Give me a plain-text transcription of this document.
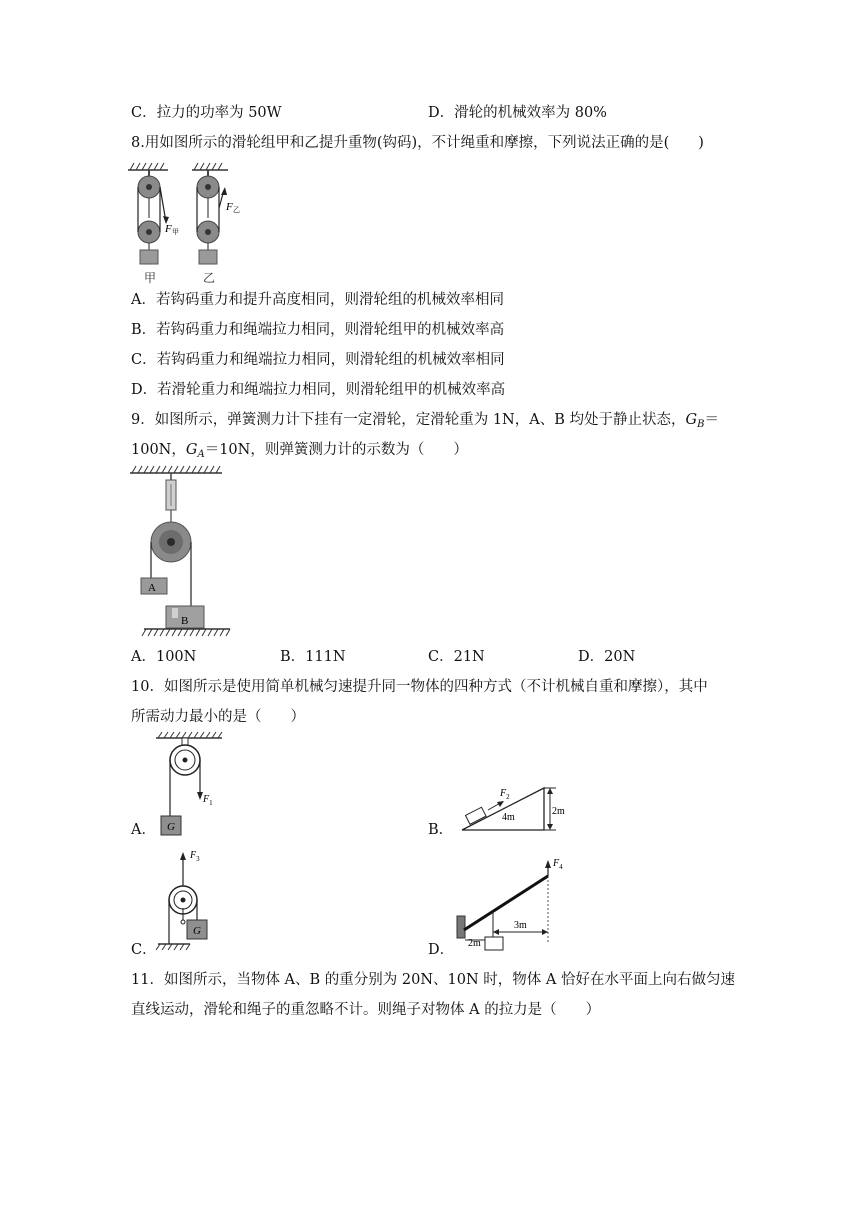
C．拉力的功率为 50W	D．滑轮的机械效率为 80%
8.用如图所示的滑轮组甲和乙提升重物(钩码)，不计绳重和摩擦，下列说法正确的是(　　)
F 甲
甲
F 乙
乙
A．若钩码重力和提升高度相同，则滑轮组的机械效率相同
B．若钩码重力和绳端拉力相同，则滑轮组甲的机械效率高
C．若钩码重力和绳端拉力相同，则滑轮组的机械效率相同
D．若滑轮重力和绳端拉力相同，则滑轮组甲的机械效率高
9．如图所示，弹簧测力计下挂有一定滑轮，定滑轮重为 1N，A、B 均处于静止状态，$G_B=$
100N，$G_A=10N$，则弹簧测力计的示数为（　　）
A
B
A．100N	B．111N	C．21N	D．20N
10．如图所示是使用简单机械匀速提升同一物体的四种方式（不计机械自重和摩擦），其中
所需动力最小的是（　　）
A．
$F_1$
G	B．
2m
$F_2$
4m
C．
$F_3$
G
D．
$F_4$
3m
2m
11．如图所示，当物体 A、B 的重分别为 20N、10N 时，物体 A 恰好在水平面上向右做匀速
直线运动，滑轮和绳子的重忽略不计。则绳子对物体 A 的拉力是（　　）
